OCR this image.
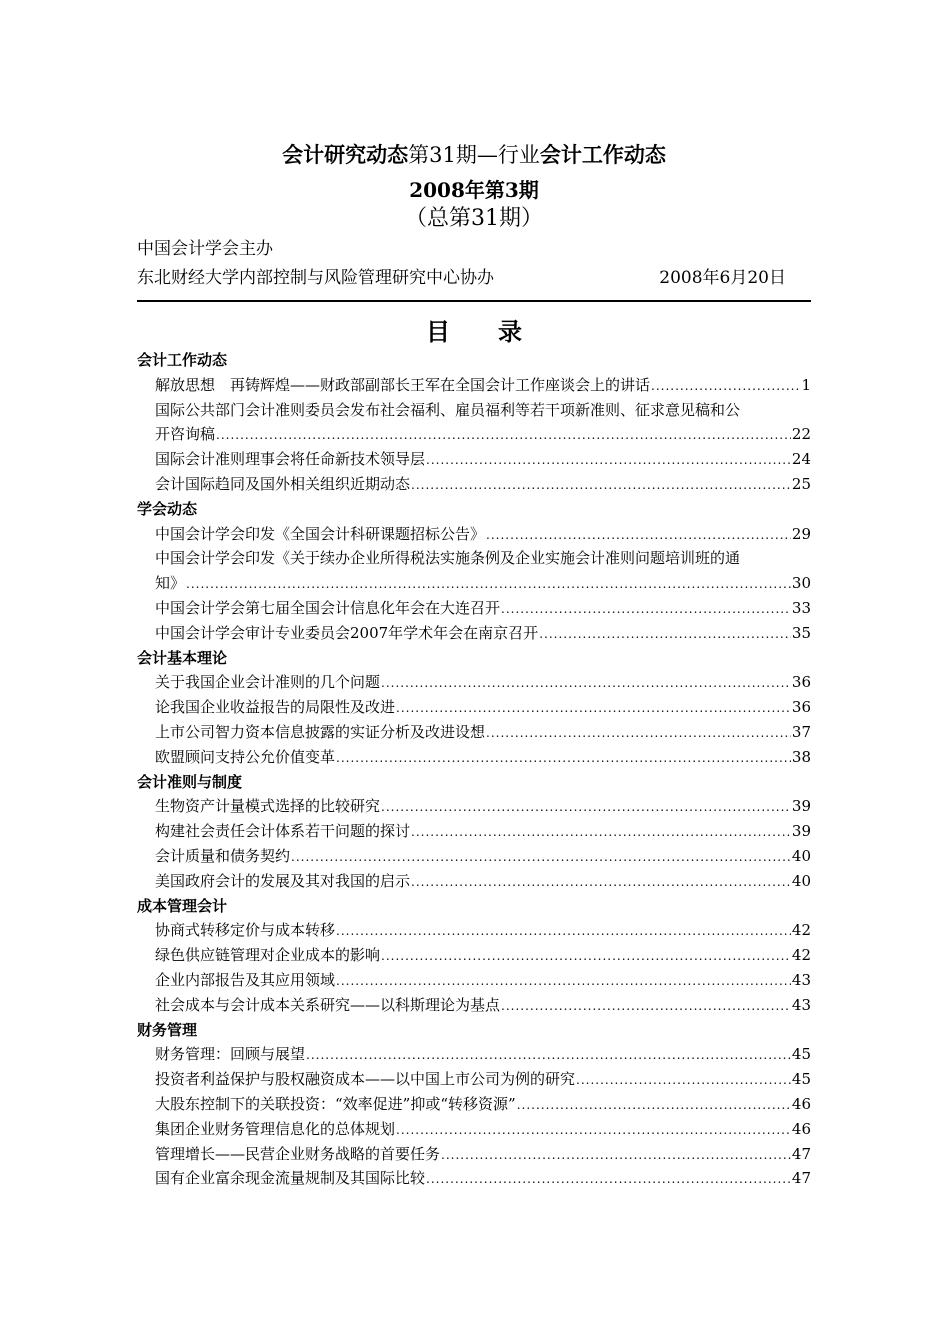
会计研究动态第31期—行业会计工作动态
2008年第3期
（总第31期）
中国会计学会主办
东北财经大学内部控制与风险管理研究中心协办	2008年6月20日
目录
会计工作动态
解放思想　再铸辉煌——财政部副部长王军在全国会计工作座谈会上的讲话 .....	1
国际公共部门会计准则委员会发布社会福利、雇员福利等若干项新准则、征求意见稿和公
开咨询稿 .....	22
国际会计准则理事会将任命新技术领导层 .....	24
会计国际趋同及国外相关组织近期动态 .....	25
学会动态
中国会计学会印发《全国会计科研课题招标公告》 .....	29
中国会计学会印发《关于续办企业所得税法实施条例及企业实施会计准则问题培训班的通
知》 .....	30
中国会计学会第七届全国会计信息化年会在大连召开 .....	33
中国会计学会审计专业委员会2007年学术年会在南京召开 .....	35
会计基本理论
关于我国企业会计准则的几个问题 .....	36
论我国企业收益报告的局限性及改进 .....	36
上市公司智力资本信息披露的实证分析及改进设想 .....	37
欧盟顾问支持公允价值变革 .....	38
会计准则与制度
生物资产计量模式选择的比较研究 .....	39
构建社会责任会计体系若干问题的探讨 .....	39
会计质量和债务契约 .....	40
美国政府会计的发展及其对我国的启示 .....	40
成本管理会计
协商式转移定价与成本转移 .....	42
绿色供应链管理对企业成本的影响 .....	42
企业内部报告及其应用领域 .....	43
社会成本与会计成本关系研究——以科斯理论为基点 .....	43
财务管理
财务管理：回顾与展望 .....	45
投资者利益保护与股权融资成本——以中国上市公司为例的研究 .....	45
大股东控制下的关联投资：“效率促进”抑或“转移资源” .....	46
集团企业财务管理信息化的总体规划 .....	46
管理增长——民营企业财务战略的首要任务 .....	47
国有企业富余现金流量规制及其国际比较 .....	47
